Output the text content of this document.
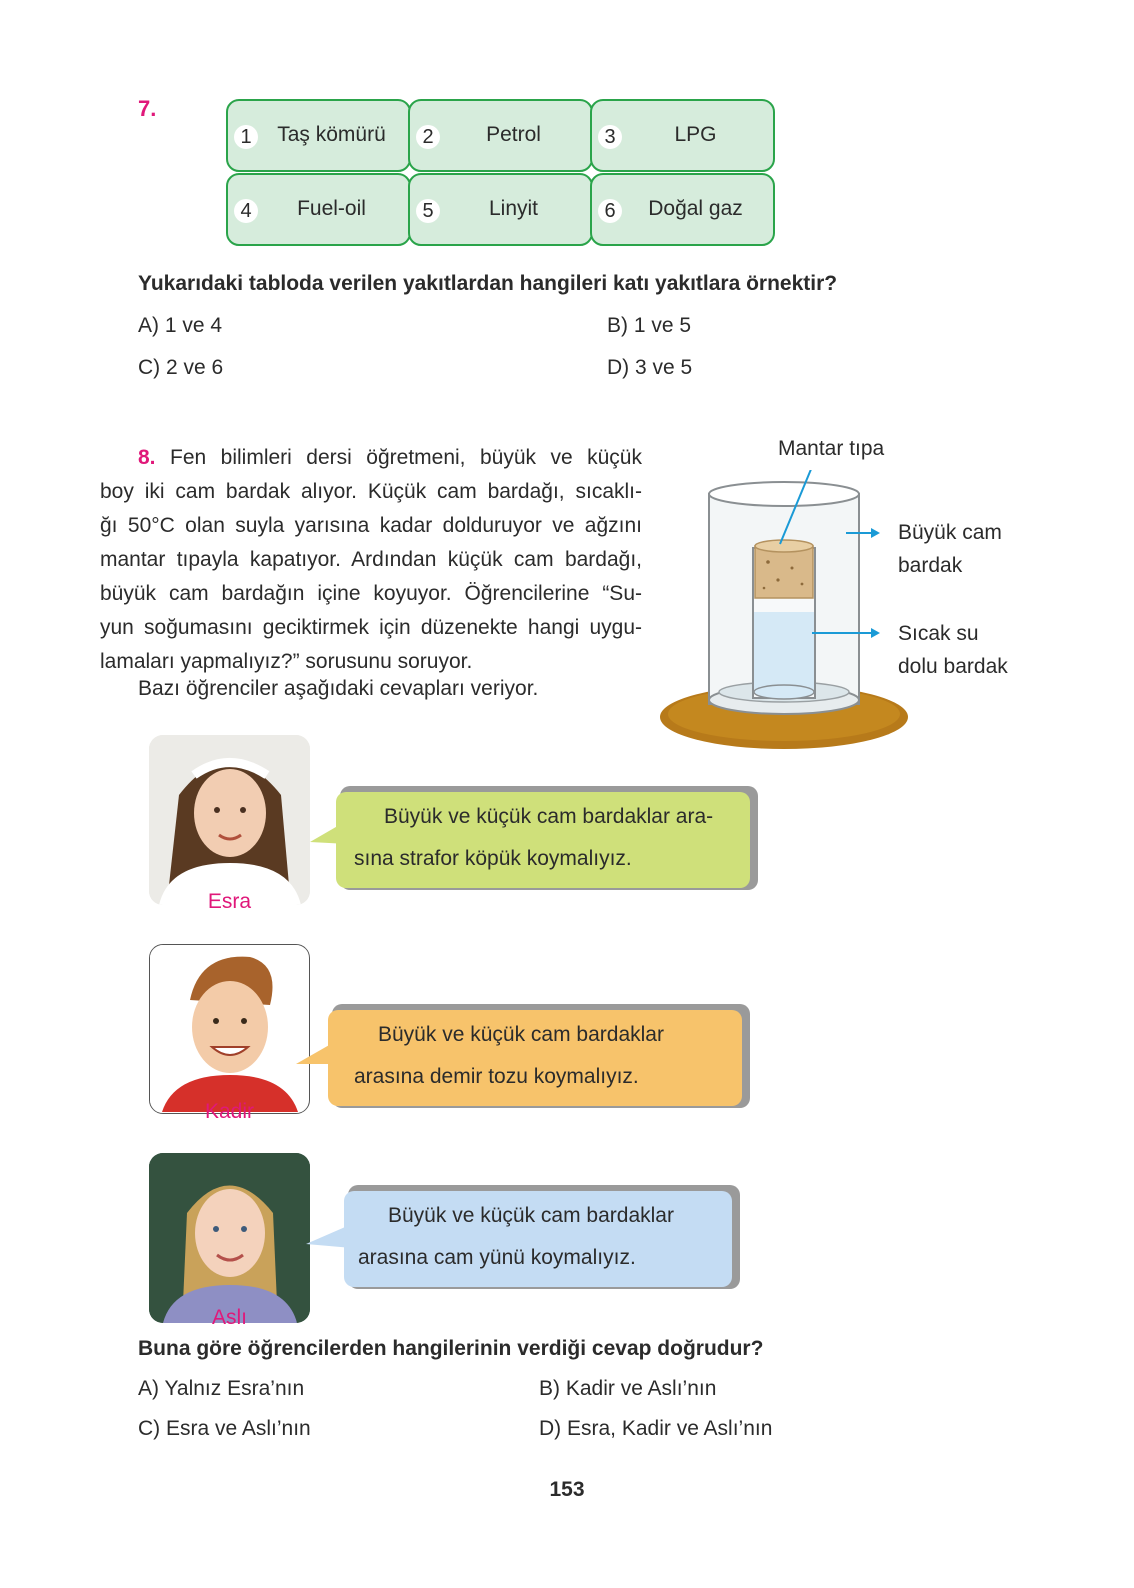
7.
1	Taş kömürü	2	Petrol	3	LPG
4	Fuel-oil	5	Linyit	6	Doğal gaz
Yukarıdaki tabloda verilen yakıtlardan hangileri katı yakıtlara örnektir?
A) 1 ve 4	B) 1 ve 5
C) 2 ve 6	D) 3 ve 5
8. Fen bilimleri dersi öğretmeni, büyük ve küçük
boy iki cam bardak alıyor. Küçük cam bardağı, sıcaklı-
ğı 50°C olan suyla yarısına kadar dolduruyor ve ağzını
mantar tıpayla kapatıyor. Ardından küçük cam bardağı,
büyük cam bardağın içine koyuyor. Öğrencilerine “Su-
yun soğumasını geciktirmek için düzenekte hangi uygu-
lamaları yapmalıyız?” sorusunu soruyor.
Bazı öğrenciler aşağıdaki cevapları veriyor.
Mantar tıpa
Büyük cam
bardak
Sıcak su
dolu bardak
Esra
Büyük ve küçük cam bardaklar ara-
sına strafor köpük koymalıyız.
Kadir
Büyük ve küçük cam bardaklar
arasına demir tozu koymalıyız.
Aslı
Büyük ve küçük cam bardaklar
arasına cam yünü koymalıyız.
Buna göre öğrencilerden hangilerinin verdiği cevap doğrudur?
A) Yalnız Esra’nın	B) Kadir ve Aslı’nın
C) Esra ve Aslı’nın	D) Esra, Kadir ve Aslı’nın
153
